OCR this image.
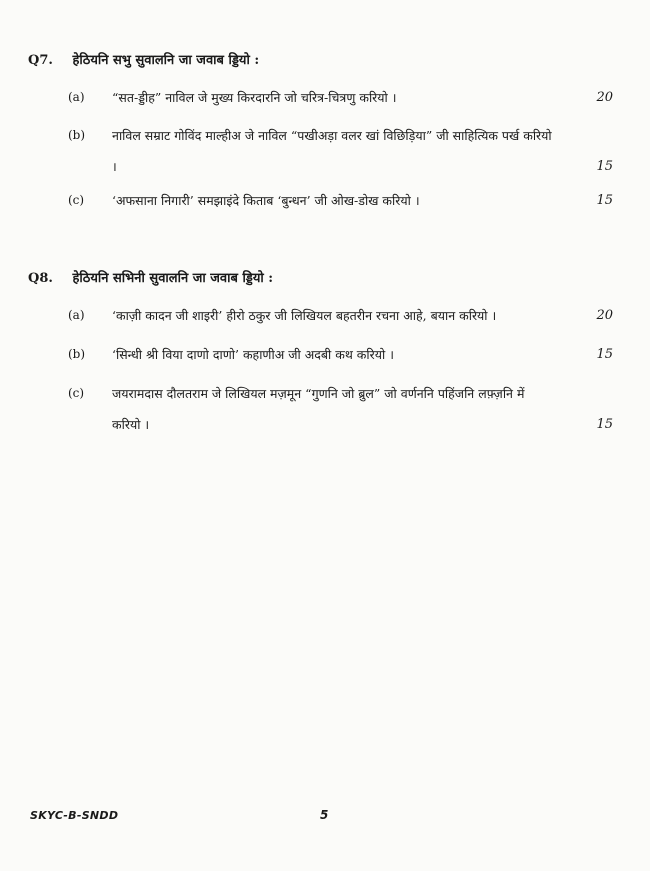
Q7. हेठियनि सभु सुवालनि जा जवाब ड्डियो :
(a) “सत-ड्डीह” नाविल जे मुख्य किरदारनि जो चरित्र-चित्रणु करियो ।	20
(b) नाविल सम्राट गोविंद माल्हीअ जे नाविल “पखीअड़ा वलर खां विछिड़िया” जी साहित्यिक पर्ख करियो ।	15
(c) ‘अफसाना निगारी’ समझाइंदे किताब ‘बुन्धन’ जी ओख-डोख करियो ।	15
Q8. हेठियनि सभिनी सुवालनि जा जवाब ड्डियो :
(a) ‘काज़ी कादन जी शाइरी’ हीरो ठकुर जी लिखियल बहतरीन रचना आहे, बयान करियो ।	20
(b) ‘सिन्धी श्री विया दाणो दाणो’ कहाणीअ जी अदबी कथ करियो ।	15
(c) जयरामदास दौलतराम जे लिखियल मज़मून “गुणनि जो ब्रुल” जो वर्णननि पहिंजनि लफ़्ज़नि में करियो ।	15
SKYC-B-SNDD	5
